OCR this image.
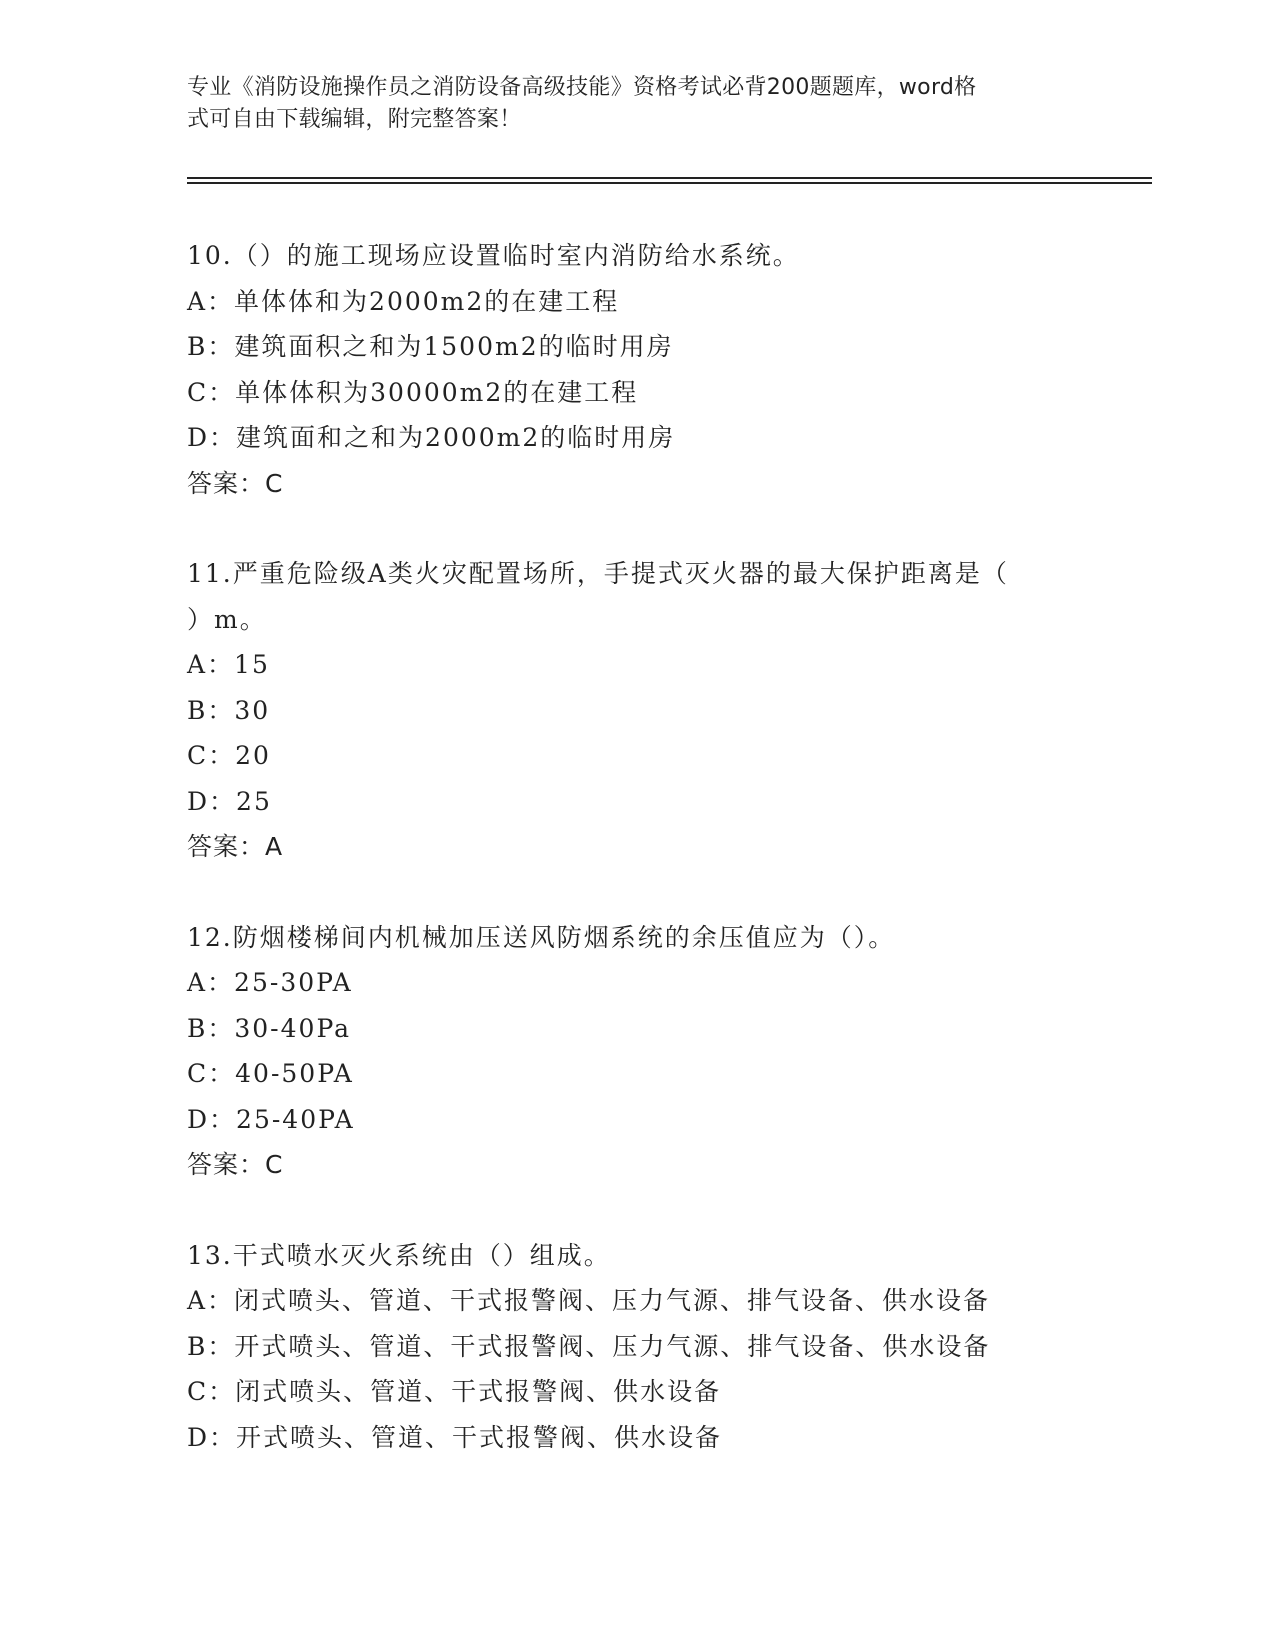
专业《消防设施操作员之消防设备高级技能》资格考试必背200题题库，word格
式可自由下载编辑，附完整答案！
10.（）的施工现场应设置临时室内消防给水系统。
A：单体体和为2000m2的在建工程
B：建筑面积之和为1500m2的临时用房
C：单体体积为30000m2的在建工程
D：建筑面和之和为2000m2的临时用房
答案：C
11.严重危险级A类火灾配置场所，手提式灭火器的最大保护距离是（
）m。
A：15
B：30
C：20
D：25
答案：A
12.防烟楼梯间内机械加压送风防烟系统的余压值应为（）。
A：25-30PA
B：30-40Pa
C：40-50PA
D：25-40PA
答案：C
13.干式喷水灭火系统由（）组成。
A：闭式喷头、管道、干式报警阀、压力气源、排气设备、供水设备
B：开式喷头、管道、干式报警阀、压力气源、排气设备、供水设备
C：闭式喷头、管道、干式报警阀、供水设备
D：开式喷头、管道、干式报警阀、供水设备
